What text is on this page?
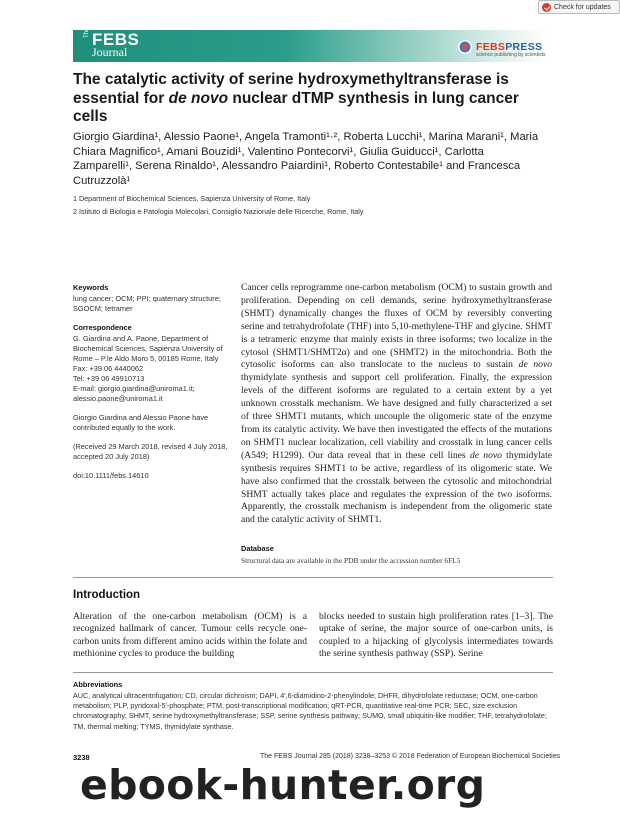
Check for updates
The FEBS
Journal	FEBSPRESS
science publishing by scientists
The catalytic activity of serine hydroxymethyltransferase is essential for de novo nuclear dTMP synthesis in lung cancer cells
Giorgio Giardina¹, Alessio Paone¹, Angela Tramonti¹·², Roberta Lucchi¹, Marina Marani¹, Maria Chiara Magnifico¹, Amani Bouzidi¹, Valentino Pontecorvi¹, Giulia Guiducci¹, Carlotta Zamparelli¹, Serena Rinaldo¹, Alessandro Paiardini¹, Roberto Contestabile¹ and Francesca Cutruzzolà¹
1 Department of Biochemical Sciences, Sapienza University of Rome, Italy
2 Istituto di Biologia e Patologia Molecolari, Consiglio Nazionale delle Ricerche, Rome, Italy
Keywords

lung cancer; OCM; PPI; quaternary structure; SGOCM; tetramer

Correspondence

G. Giardina and A. Paone, Department of Biochemical Sciences, Sapienza University of Rome – P.le Aldo Moro 5, 00185 Rome, Italy

Fax: +39 06 4440062

Tel: +39 06 49910713

E-mail: giorgio.giardina@uniroma1.it; alessio.paone@uniroma1.it

Giorgio Giardina and Alessio Paone have contributed equally to the work.

(Received 29 March 2018, revised 4 July 2018, accepted 20 July 2018)

doi:10.1111/febs.14610

Cancer cells reprogramme one-carbon metabolism (OCM) to sustain growth and proliferation. Depending on cell demands, serine hydroxymethyltransferase (SHMT) dynamically changes the fluxes of OCM by reversibly converting serine and tetrahydrofolate (THF) into 5,10-methylene-THF and glycine. SHMT is a tetrameric enzyme that mainly exists in three isoforms; two localize in the cytosol (SHMT1/SHMT2α) and one (SHMT2) in the mitochondria. Both the cytosolic isoforms can also translocate to the nucleus to sustain de novo thymidylate synthesis and support cell proliferation. Finally, the expression levels of the different isoforms are regulated to a certain extent by a yet unknown crosstalk mechanism. We have designed and fully characterized a set of three SHMT1 mutants, which uncouple the oligomeric state of the enzyme from its catalytic activity. We have then investigated the effects of the mutations on SHMT1 nuclear localization, cell viability and crosstalk in lung cancer cells (A549; H1299). Our data reveal that in these cell lines de novo thymidylate synthesis requires SHMT1 to be active, regardless of its oligomeric state. We have also confirmed that the crosstalk between the cytosolic and mitochondrial SHMT actually takes place and regulates the expression of the two isoforms. Apparently, the crosstalk mechanism is independent from the oligomeric state and the catalytic activity of SHMT1.
Database
Structural data are available in the PDB under the accession number 6FL5
Introduction
Alteration of the one-carbon metabolism (OCM) is a recognized hallmark of cancer. Tumour cells recycle one-carbon units from different amino acids within the folate and methionine cycles to produce the building
blocks needed to sustain high proliferation rates [1–3]. The uptake of serine, the major source of one-carbon units, is coupled to a hijacking of glycolysis intermediates towards the serine synthesis pathway (SSP). Serine
Abbreviations
AUC, analytical ultracentrifugation; CD, circular dichroism; DAPI, 4′,6-diamidino-2-phenylindole; DHFR, dihydrofolate reductase; OCM, one-carbon metabolism; PLP, pyridoxal-5′-phosphate; PTM, post-transcriptional modification; qRT-PCR, quantitative real-time PCR; SEC, size exclusion chromatography; SHMT, serine hydroxymethyltransferase; SSP, serine synthesis pathway; SUMO, small ubiquitin-like modifier; THF, tetrahydrofolate; TM, thermal melting; TYMS, thymidylate synthase.
3238	The FEBS Journal 285 (2018) 3238–3253 © 2018 Federation of European Biochemical Societies
ebook-hunter.org
